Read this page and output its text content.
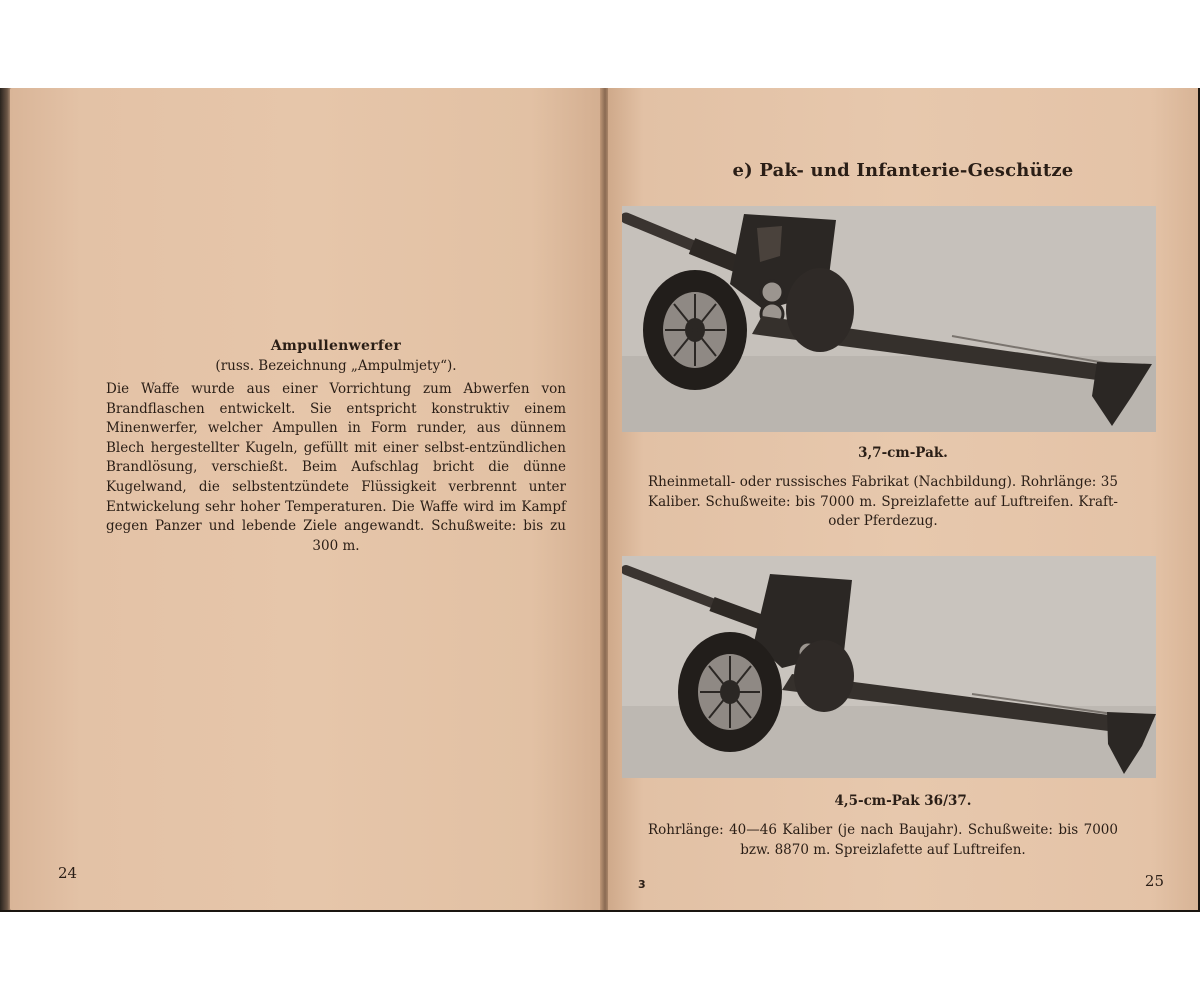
Ampullenwerfer

(russ. Bezeichnung „Ampulmjety“).

Die Waffe wurde aus einer Vorrichtung zum Abwerfen von Brandflaschen entwickelt. Sie entspricht konstruktiv einem Minenwerfer, welcher Ampullen in Form runder, aus dünnem Blech hergestellter Kugeln, gefüllt mit einer selbst-entzündlichen Brandlösung, verschießt. Beim Aufschlag bricht die dünne Kugelwand, die selbstentzündete Flüssigkeit verbrennt unter Entwickelung sehr hoher Temperaturen. Die Waffe wird im Kampf gegen Panzer und lebende Ziele angewandt. Schußweite: bis zu 300 m.

24

e) Pak- und Infanterie-Geschütze

3,7-cm-Pak.

Rheinmetall- oder russisches Fabrikat (Nachbildung). Rohrlänge: 35 Kaliber. Schußweite: bis 7000 m. Spreizlafette auf Luftreifen. Kraft- oder Pferdezug.

4,5-cm-Pak 36/37.

Rohrlänge: 40—46 Kaliber (je nach Baujahr). Schußweite: bis 7000 bzw. 8870 m. Spreizlafette auf Luftreifen.

3	25
